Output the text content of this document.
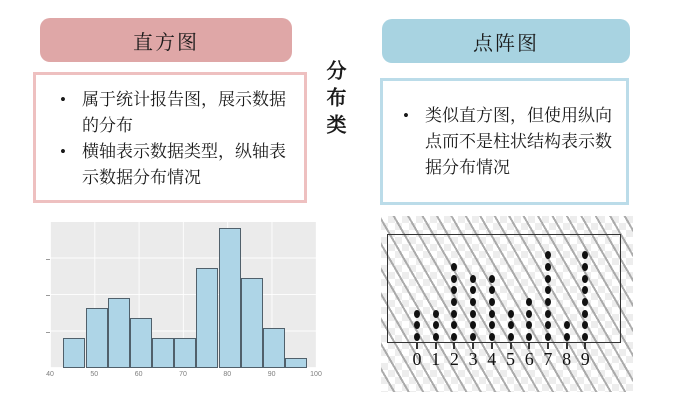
直方图	点阵图
分布类
• 属于统计报告图，展示数据的分布
• 横轴表示数据类型，纵轴表示数据分布情况
• 类似直方图，但使用纵向点而不是柱状结构表示数据分布情况
40	50	60	70	80	90	100
0 1 2 3 4 5 6 7 8 9
